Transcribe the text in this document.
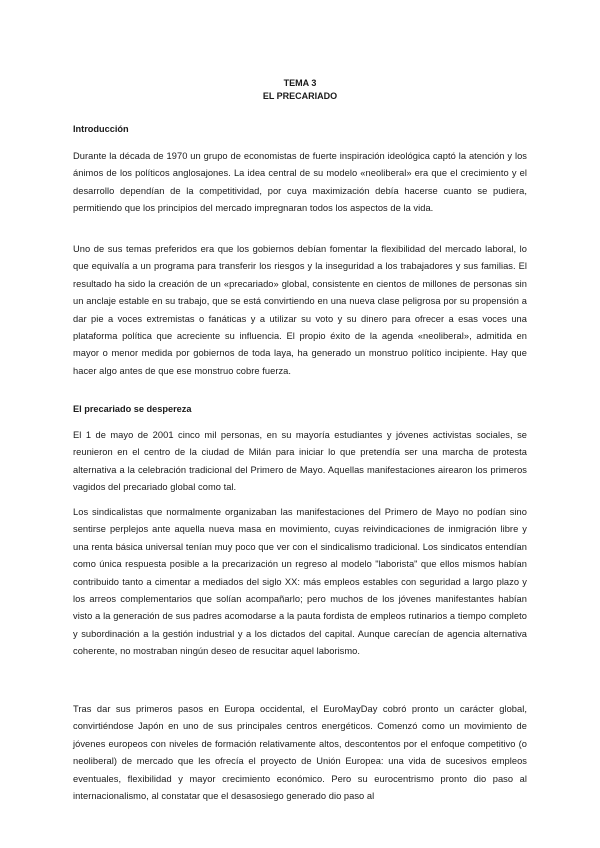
TEMA 3
EL PRECARIADO
Introducción

Durante la década de 1970 un grupo de economistas de fuerte inspiración ideológica captó la atención y los ánimos de los políticos anglosajones. La idea central de su modelo «neoliberal» era que el crecimiento y el desarrollo dependían de la competitividad, por cuya maximización debía hacerse cuanto se pudiera, permitiendo que los principios del mercado impregnaran todos los aspectos de la vida.

Uno de sus temas preferidos era que los gobiernos debían fomentar la flexibilidad del mercado laboral, lo que equivalía a un programa para transferir los riesgos y la inseguridad a los trabajadores y sus familias. El resultado ha sido la creación de un «precariado» global, consistente en cientos de millones de personas sin un anclaje estable en su trabajo, que se está convirtiendo en una nueva clase peligrosa por su propensión a dar pie a voces extremistas o fanáticas y a utilizar su voto y su dinero para ofrecer a esas voces una plataforma política que acreciente su influencia. El propio éxito de la agenda «neoliberal», admitida en mayor o menor medida por gobiernos de toda laya, ha generado un monstruo político incipiente. Hay que hacer algo antes de que ese monstruo cobre fuerza.

El precariado se despereza

El 1 de mayo de 2001 cinco mil personas, en su mayoría estudiantes y jóvenes activistas sociales, se reunieron en el centro de la ciudad de Milán para iniciar lo que pretendía ser una marcha de protesta alternativa a la celebración tradicional del Primero de Mayo. Aquellas manifestaciones airearon los primeros vagidos del precariado global como tal.

Los sindicalistas que normalmente organizaban las manifestaciones del Primero de Mayo no podían sino sentirse perplejos ante aquella nueva masa en movimiento, cuyas reivindicaciones de inmigración libre y una renta básica universal tenían muy poco que ver con el sindicalismo tradicional. Los sindicatos entendían como única respuesta posible a la precarización un regreso al modelo "laborista" que ellos mismos habían contribuido tanto a cimentar a mediados del siglo XX: más empleos estables con seguridad a largo plazo y los arreos complementarios que solían acompañarlo; pero muchos de los jóvenes manifestantes habían visto a la generación de sus padres acomodarse a la pauta fordista de empleos rutinarios a tiempo completo y subordinación a la gestión industrial y a los dictados del capital. Aunque carecían de agencia alternativa coherente, no mostraban ningún deseo de resucitar aquel laborismo.

Tras dar sus primeros pasos en Europa occidental, el EuroMayDay cobró pronto un carácter global, convirtiéndose Japón en uno de sus principales centros energéticos. Comenzó como un movimiento de jóvenes europeos con niveles de formación relativamente altos, descontentos por el enfoque competitivo (o neoliberal) de mercado que les ofrecía el proyecto de Unión Europea: una vida de sucesivos empleos eventuales, flexibilidad y mayor crecimiento económico. Pero su eurocentrismo pronto dio paso al internacionalismo, al constatar que el desasosiego generado dio paso al
